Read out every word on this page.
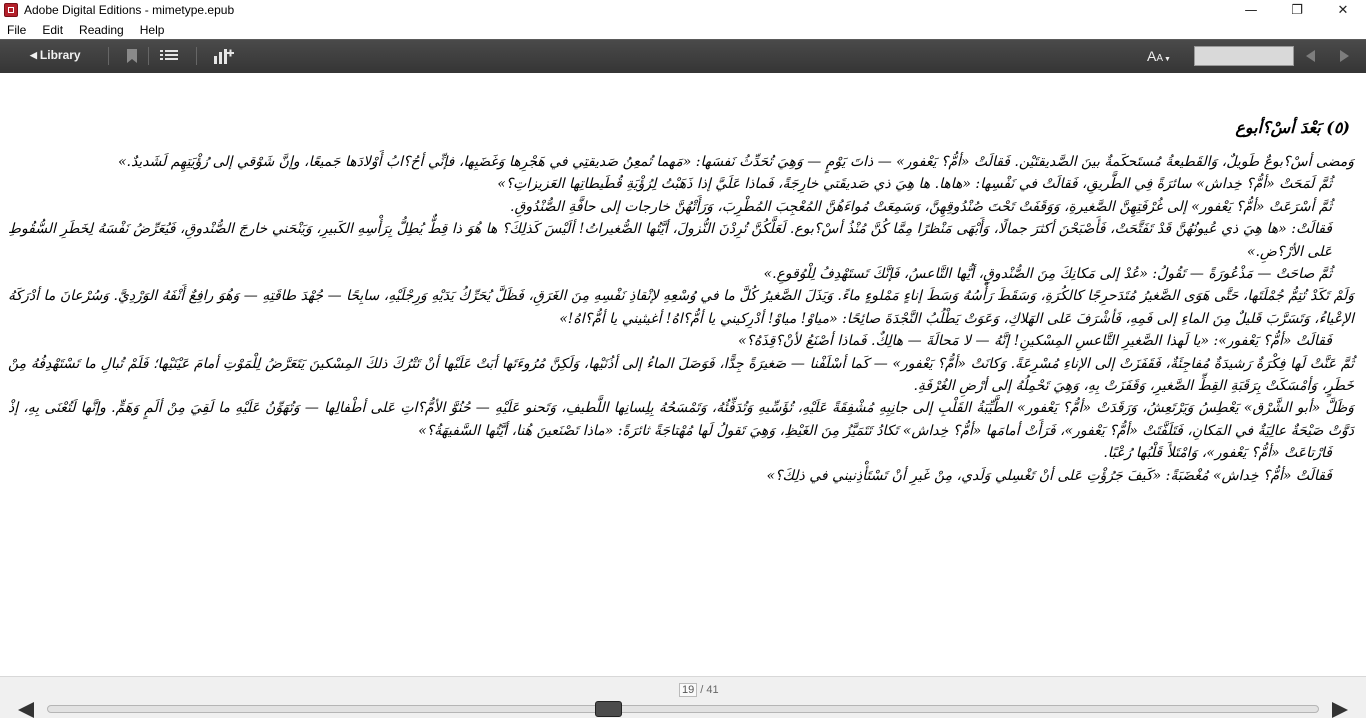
Adobe Digital Editions - mimetype.epub	—	❐	✕
File	Edit	Reading	Help
◀ Library	AA▼
(٥) بَعْدَ أسْ؟أبوع

وَمضى أسْ؟بوعٌ طَويلٌ، وَالقَطيعةُ مُستَحكَمةٌ بينَ الصَّديقتَيْن. فَقالَتْ «أمُّ؟ يَعْفور» — ذاتَ يَوْمٍ — وَهِيَ تُحَدِّثُ نَفسَها: «مَهما تُمعِنُ صَديقتِي في هَجْرِها وَغَضَبِها، فإنِّي أحُ؟ابُ أَوْلادَها جَميعًا، وإنَّ شَوْقي إلى رُؤْيَتِهِم لَشَديدٌ.»

ثُمَّ لَمَحَتْ «أمُّ؟ خِداش» سائرَةً فِي الطَّريقِ، فَقالَتْ في نَفْسِها: «هاها. ها هِيَ ذي صَديقَتي خارِجَةً، فَماذا عَلَيَّ إذا ذَهَبْتُ لِرُؤْيَةِ قُطَيطاتِها العَزيزاتِ؟»

ثُمَّ أسْرَعَتْ «أمُّ؟ يَعْفور» إلى غُرْفَتِهِنَّ الصَّغيرةِ، وَوَقَفَتْ تَحْتَ صُنْدُوقِهِنَّ، وَسَمِعَتْ مُواءَهُنَّ المُعْجِبَ المُطْرِبَ، وَرَأَتْهُنَّ خارجات إلى حافَّةِ الصُّنْدُوقِ.

فَقالَتْ: «ها هِيَ ذي عُيونُهُنَّ قَدْ تَفَتَّحَتْ، فَأَصْبَحْنَ أكثرَ جمالًا، وَأَبْهَى مَنْظرًا مِمَّا كُنَّ مُنْذُ أسْ؟بوع. لَعَلَّكُنَّ تُرِدْنَ النُّزولَ، أيَّتُها الصُّغيراتُ! ألَيْسَ كَذلِكَ؟ ها هُوَ ذا قِطٌّ يُطِلُّ بِرَأْسِهِ الكَبيرِ، وَيَنْحَني خارجَ الصُّنْدوقِ، فَيُعَرِّضُ نَفْسَهُ لِخَطَرِ السُّقُوطِ عَلى الأرْ؟ضِ.»

ثُمَّ صاحَتْ — مَذْعُورَةً — تَقُولُ: «عُدْ إلى مَكانِكَ مِنَ الصُّنْدوقِ، أيُّها التَّاعسُ، فَإنَّكَ تَستَهْدِفُ لِلْوُقوعِ.»

وَلَمْ تَكَدْ تُتِمُّ جُمْلَتَها، حَتَّى هَوَى الصَّغيرُ مُتَدَحرِجًا كالكُرَةِ، وَسَقَطَ رَأْسُهُ وَسَطَ إناءٍ مَمْلوءٍ ماءً. وَيَذَلَ الصَّغيرُ كُلَّ ما في وُسْعِهِ لإنْقاذِ نَفْسِهِ مِنَ الغَرَقِ، فَظَلَّ يُحَرِّكُ يَدَيْهِ وَرِجْلَيْهِ، سابِحًا — جُهْدَ طاقَتِهِ — وَهُوَ رافِعٌ أَنْفَهُ الوَرْدِيَّ. وَسُرْعانَ ما أدْرَكَهُ الإعْياءُ، وَتَسَرَّبَ قَليلٌ مِنَ الماءِ إلى فَمِهِ، فَأشْرَفَ عَلى الهَلاكِ، وَعَوَتْ يَطْلُبُ النَّجْدَةَ صائِحًا: «مياوْ! مياوْ! أدْرِكيني يا أمُّ؟اهُ! أغيثيني يا أمُّ؟اهُ!»

فَقالَتْ «أمُّ؟ يَعْفور»: «يا لَهذا الصَّغيرِ التَّاعسِ المِسْكينِ! إنَّهُ — لا مَحالَةَ — هالِكٌ. فَماذا أصْنَعُ لأنْ؟قِذَهُ؟»

ثُمَّ عَنَّتْ لَها فِكْرَةٌ رَشيدَةٌ مُفاجِئَةٌ، فَقَفَزَتْ إلى الإناءِ مُسْرِعَةً. وَكانَتْ «أمُّ؟ يَعْفور» — كَما أسْلَفْنا — صَغيرَةً جِدًّا، فَوَصَلَ الماءُ إلى أذُنَيْها، وَلَكِنَّ مُرُوءَتَها أبَتْ عَلَيْها أنْ تَتْرُكَ ذلكَ المِسْكينَ يَتَعَرَّضُ لِلْمَوْتِ أمامَ عَيْنَيْها؛ فَلَمْ تُبالِ ما تَسْتَهْدِفُهُ مِنْ خَطَرٍ، وَأمْسَكَتْ بِرَقَبَةِ القِطِّ الصَّغيرِ، وَقَفَزَتْ بِهِ، وَهِيَ تَحْمِلُهُ إلى أرْضِ الغُرْفَةِ.

وَظَلَّ «أبو الشَّرْق» يَعْطِسُ وَيَرْتَعِشُ، وَرَقَدَتْ «أمُّ؟ يَعْفور» الطَّيِّبَةُ القَلْبِ إلى جانِبِهِ مُشْفِقَةً عَلَيْهِ، تُؤَسِّيهِ وَتُدَفِّئُهُ، وَتَمْسَحُهُ بِلِسانِها اللَّطيفِ، وَتَحنو عَلَيْهِ — حُنُوَّ الأمُّ؟اتِ عَلى أطْفالِها — وَتُهَوِّنُ عَلَيْهِ ما لَقِيَ مِنْ ألَمٍ وَهَمٍّ. وإنَّها لَتُعْنَى بِهِ، إذْ دَوَّتْ صَيْحَةٌ عالِيَةٌ في المَكانِ، فَتَلَفَّتَتْ «أمُّ؟ يَعْفور»، فَرَأَتْ أمامَها «أمُّ؟ خِداش» تَكادُ تَتَمَيَّزُ مِنَ الغَيْظِ، وَهِيَ تَقولُ لَها مُهْتاجَةً ثائرَةً: «ماذا تَصْنَعينَ هُنا، أيَّتُها السَّفيهَةُ؟»

فَارْتاعَتْ «أمُّ؟ يَعْفور»، وَامْتَلأَ قَلْبُها رُعْبًا.

فَقالَتْ «أمُّ؟ خِداش» مُغْضَبَةً: «كَيفَ جَرُؤْتِ عَلى أنْ تَغْسِلي وَلَدي، مِنْ غَيرِ أنْ تَسْتَأْذِنيني في ذلِكَ؟»

19 / 41
